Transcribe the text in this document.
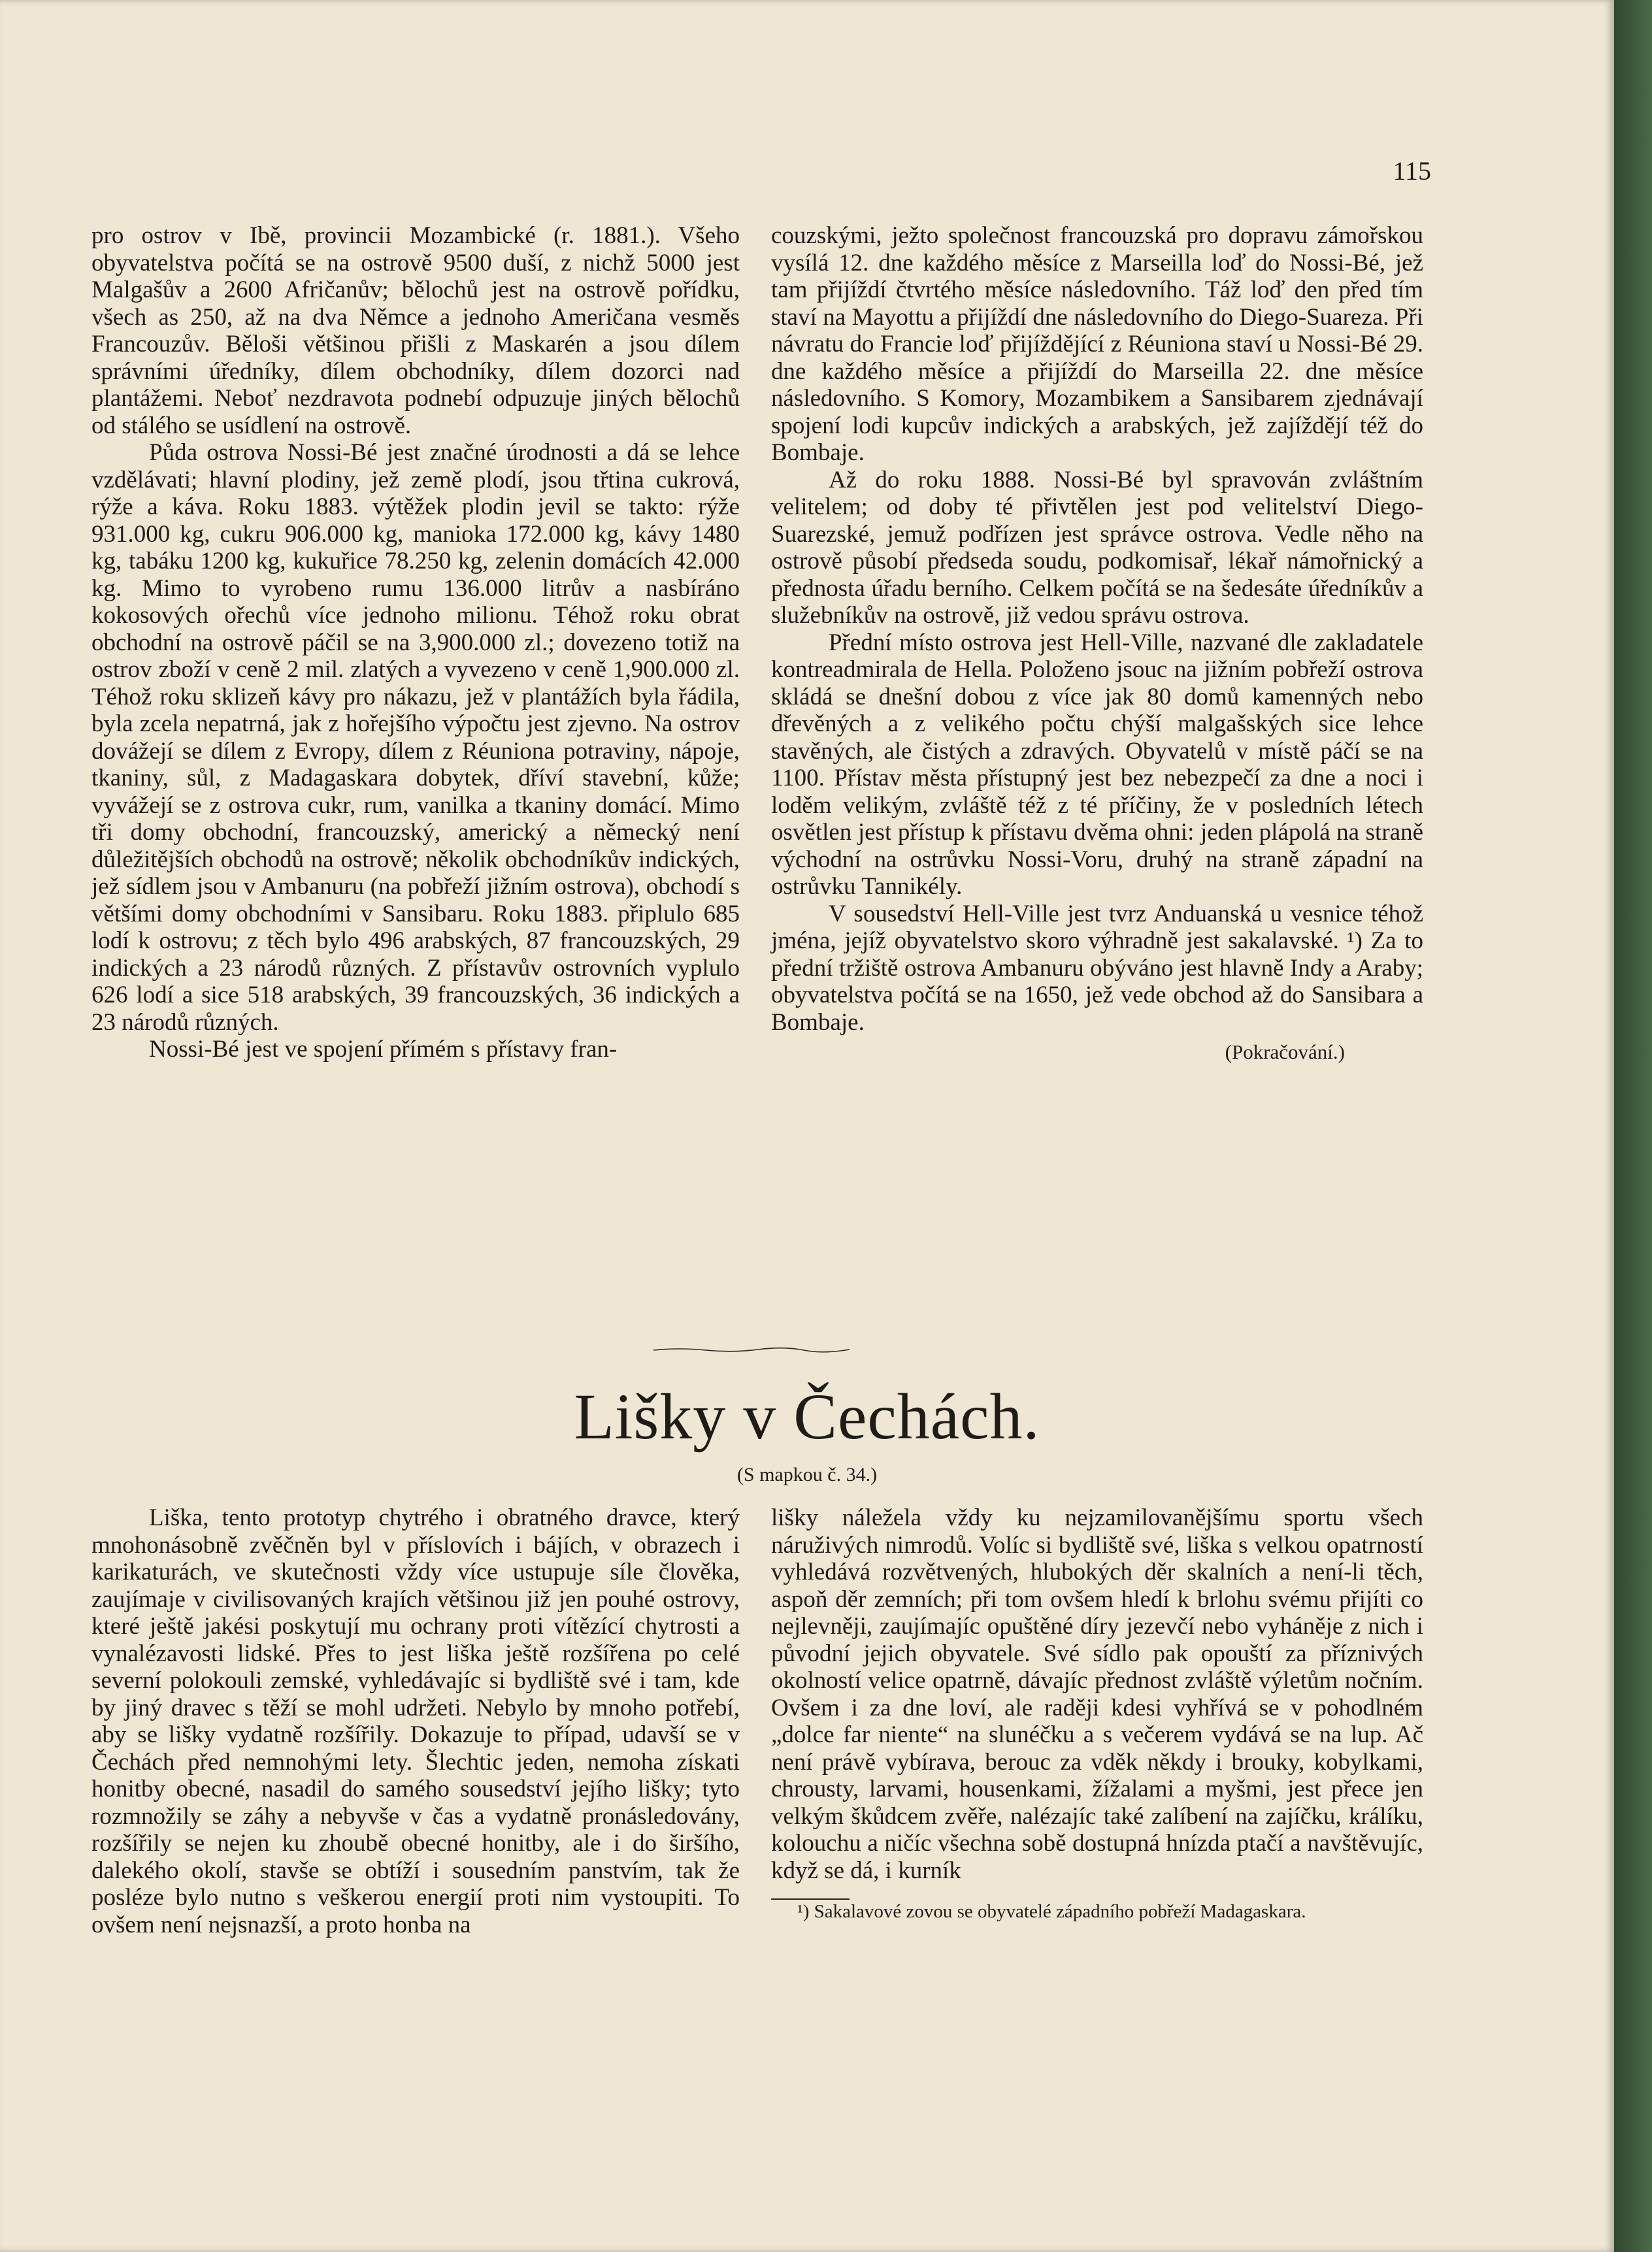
115

pro ostrov v Ibě, provincii Mozambické (r. 1881.). Všeho obyvatelstva počítá se na ostrově 9500 duší, z nichž 5000 jest Malgašův a 2600 Afričanův; bělochů jest na ostrově pořídku, všech as 250, až na dva Němce a jednoho Američana vesměs Francouzův. Běloši většinou přišli z Maskarén a jsou dílem správními úředníky, dílem obchodníky, dílem dozorci nad plantážemi. Neboť nezdravota podnebí odpuzuje jiných bělochů od stálého se usídlení na ostrově.

Půda ostrova Nossi-Bé jest značné úrodnosti a dá se lehce vzdělávati; hlavní plodiny, jež země plodí, jsou třtina cukrová, rýže a káva. Roku 1883. výtěžek plodin jevil se takto: rýže 931.000 kg, cukru 906.000 kg, manioka 172.000 kg, kávy 1480 kg, tabáku 1200 kg, kukuřice 78.250 kg, zelenin domácích 42.000 kg. Mimo to vyrobeno rumu 136.000 litrův a nasbíráno kokosových ořechů více jednoho milionu. Téhož roku obrat obchodní na ostrově páčil se na 3,900.000 zl.; dovezeno totiž na ostrov zboží v ceně 2 mil. zlatých a vyvezeno v ceně 1,900.000 zl. Téhož roku sklizeň kávy pro nákazu, jež v plantážích byla řádila, byla zcela nepatrná, jak z hořejšího výpočtu jest zjevno. Na ostrov dovážejí se dílem z Evropy, dílem z Réuniona potraviny, nápoje, tkaniny, sůl, z Madagaskara dobytek, dříví stavební, kůže; vyvážejí se z ostrova cukr, rum, vanilka a tkaniny domácí. Mimo tři domy obchodní, francouzský, americký a německý není důležitějších obchodů na ostrově; několik obchodníkův indických, jež sídlem jsou v Ambanuru (na pobřeží jižním ostrova), obchodí s většími domy obchodními v Sansibaru. Roku 1883. připlulo 685 lodí k ostrovu; z těch bylo 496 arabských, 87 francouzských, 29 indických a 23 národů různých. Z přístavův ostrovních vyplulo 626 lodí a sice 518 arabských, 39 francouzských, 36 indických a 23 národů různých.

Nossi-Bé jest ve spojení přímém s přístavy fran-

couzskými, ježto společnost francouzská pro dopravu zámořskou vysílá 12. dne každého měsíce z Marseilla loď do Nossi-Bé, jež tam přijíždí čtvrtého měsíce následovního. Táž loď den před tím staví na Mayottu a přijíždí dne následovního do Diego-Suareza. Při návratu do Francie loď přijíždějící z Réuniona staví u Nossi-Bé 29. dne každého měsíce a přijíždí do Marseilla 22. dne měsíce následovního. S Komory, Mozambikem a Sansibarem zjednávají spojení lodi kupcův indických a arabských, jež zajíždějí též do Bombaje.

Až do roku 1888. Nossi-Bé byl spravován zvláštním velitelem; od doby té přivtělen jest pod velitelství Diego-Suarezské, jemuž podřízen jest správce ostrova. Vedle něho na ostrově působí předseda soudu, podkomisař, lékař námořnický a přednosta úřadu berního. Celkem počítá se na šedesáte úředníkův a služebníkův na ostrově, již vedou správu ostrova.

Přední místo ostrova jest Hell-Ville, nazvané dle zakladatele kontreadmirala de Hella. Položeno jsouc na jižním pobřeží ostrova skládá se dnešní dobou z více jak 80 domů kamenných nebo dřevěných a z velikého počtu chýší malgašských sice lehce stavěných, ale čistých a zdravých. Obyvatelů v místě páčí se na 1100. Přístav města přístupný jest bez nebezpečí za dne a noci i loděm velikým, zvláště též z té příčiny, že v posledních létech osvětlen jest přístup k přístavu dvěma ohni: jeden plápolá na straně východní na ostrůvku Nossi-Voru, druhý na straně západní na ostrůvku Tannikély.

V sousedství Hell-Ville jest tvrz Anduanská u vesnice téhož jména, jejíž obyvatelstvo skoro výhradně jest sakalavské. ¹) Za to přední tržiště ostrova Ambanuru obýváno jest hlavně Indy a Araby; obyvatelstva počítá se na 1650, jež vede obchod až do Sansibara a Bombaje.

(Pokračování.)
Lišky v Čechách.
(S mapkou č. 34.)

Liška, tento prototyp chytrého i obratného dravce, který mnohonásobně zvěčněn byl v příslovích i bájích, v obrazech i karikaturách, ve skutečnosti vždy více ustupuje síle člověka, zaujímaje v civilisovaných krajích většinou již jen pouhé ostrovy, které ještě jakési poskytují mu ochrany proti vítězící chytrosti a vynalézavosti lidské. Přes to jest liška ještě rozšířena po celé severní polokouli zemské, vyhledávajíc si bydliště své i tam, kde by jiný dravec s těží se mohl udržeti. Nebylo by mnoho potřebí, aby se lišky vydatně rozšířily. Dokazuje to případ, udavší se v Čechách před nemnohými lety. Šlechtic jeden, nemoha získati honitby obecné, nasadil do samého sousedství jejího lišky; tyto rozmnožily se záhy a nebyvše v čas a vydatně pronásledovány, rozšířily se nejen ku zhoubě obecné honitby, ale i do širšího, dalekého okolí, stavše se obtíží i sousedním panstvím, tak že posléze bylo nutno s veškerou energií proti nim vystoupiti. To ovšem není nejsnazší, a proto honba na

lišky náležela vždy ku nejzamilovanějšímu sportu všech náruživých nimrodů. Volíc si bydliště své, liška s velkou opatrností vyhledává rozvětvených, hlubokých děr skalních a není-li těch, aspoň děr zemních; při tom ovšem hledí k brlohu svému přijíti co nejlevněji, zaujímajíc opuštěné díry jezevčí nebo vyháněje z nich i původní jejich obyvatele. Své sídlo pak opouští za příznivých okolností velice opatrně, dávajíc přednost zvláště výletům nočním. Ovšem i za dne loví, ale raději kdesi vyhřívá se v pohodlném „dolce far niente“ na slunéčku a s večerem vydává se na lup. Ač není právě vybírava, berouc za vděk někdy i brouky, kobylkami, chrousty, larvami, housenkami, žížalami a myšmi, jest přece jen velkým škůdcem zvěře, nalézajíc také zalíbení na zajíčku, králíku, kolouchu a ničíc všechna sobě dostupná hnízda ptačí a navštěvujíc, když se dá, i kurník

¹) Sakalavové zovou se obyvatelé západního pobřeží Madagaskara.
